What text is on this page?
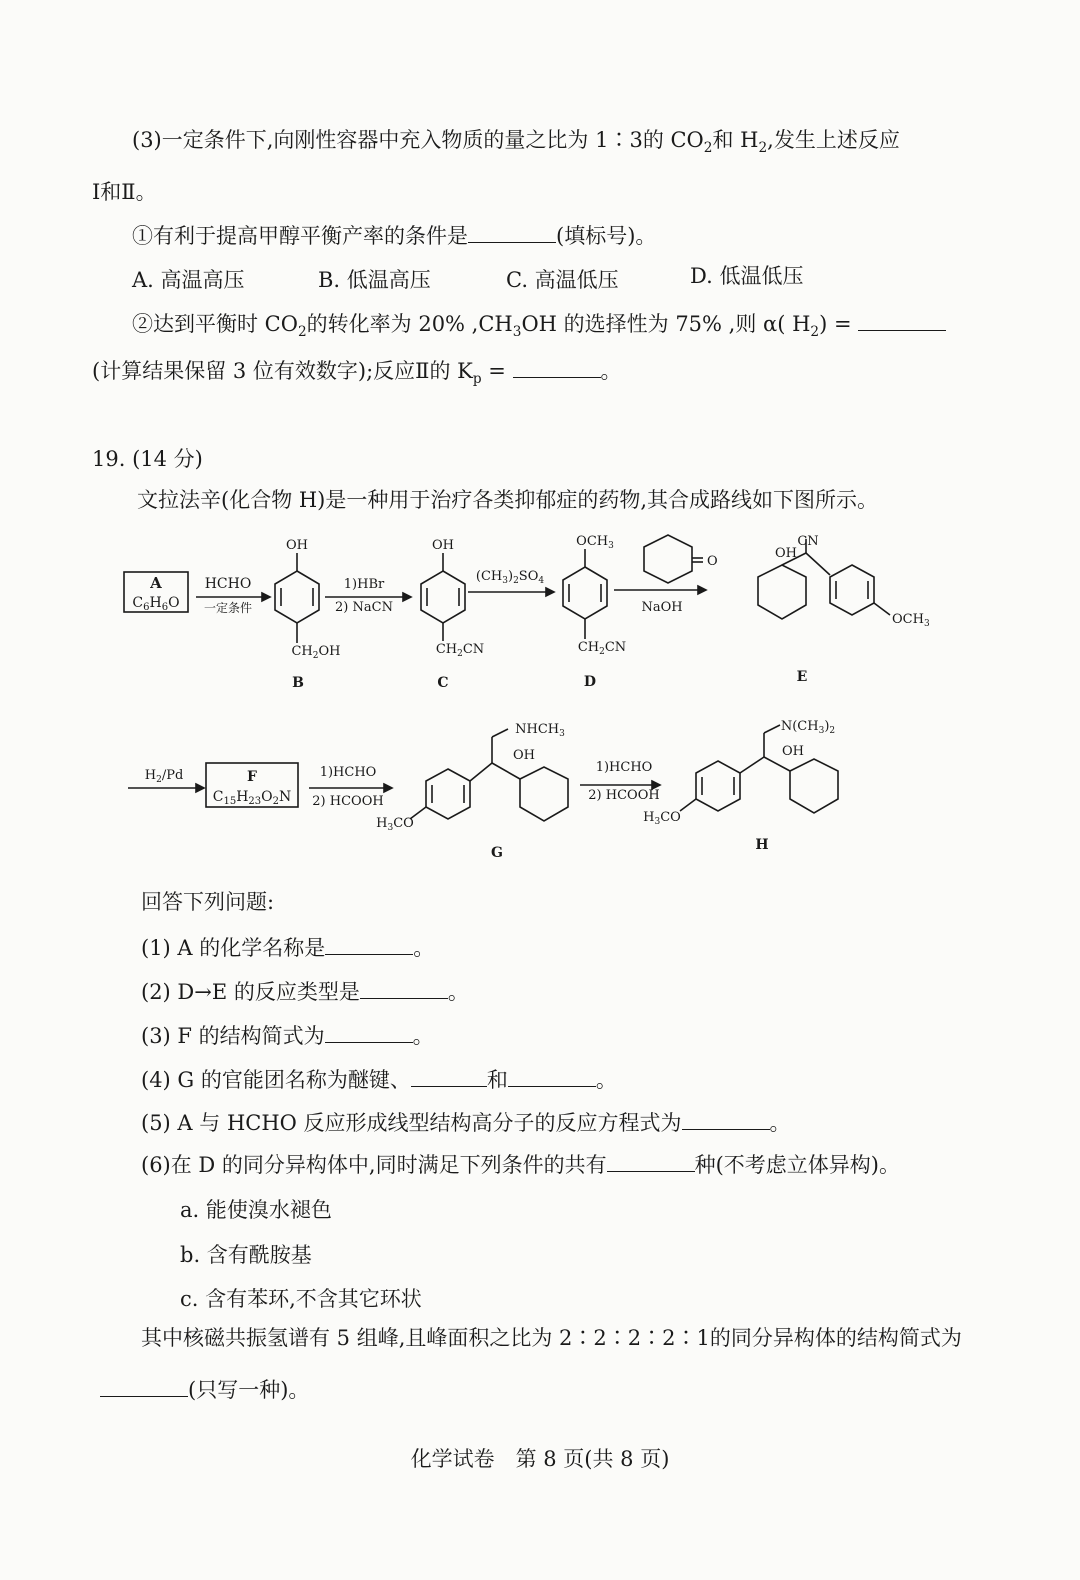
(3)一定条件下,向刚性容器中充入物质的量之比为 1∶3的 $CO_2$和 $H_2$,发生上述反应
Ⅰ和Ⅱ。
①有利于提高甲醇平衡产率的条件是	(填标号)。
A. 高温高压	B. 低温高压	C. 高温低压	D. 低温低压
②达到平衡时 $CO_2$的转化率为 20% $,CH_3OH$ 的选择性为 75% ,则 α( $H_2$) =
(计算结果保留 3 位有效数字);反应Ⅱ的 $K_p$ =	。
19. (14 分)
文拉法辛(化合物 H)是一种用于治疗各类抑郁症的药物,其合成路线如下图所示。
A
$C_6H_6O$
HCHO
一定条件
OH
$CH_2OH$
1)HBr
2) NaCN
OH
$CH_2CN$
$(CH_3)_2SO_4$
$OCH_3$
$CH_2CN$
O
NaOH
OH
CN
$OCH_3$
B	C	D	E
$H_2/Pd$	F
$C_{15}H_{23}O_2N$
1)HCHO
2) HCOOH
$NHCH_3$
OH
$H_3CO$
G
1)HCHO
2) HCOOH
$N(CH_3)_2$
OH
$H_3CO$
H
回答下列问题:
(1) A 的化学名称是	。
(2) D→E 的反应类型是	。
(3) F 的结构简式为	。
(4) G 的官能团名称为醚键、	和	。
(5) A 与 HCHO 反应形成线型结构高分子的反应方程式为	。
(6)在 D 的同分异构体中,同时满足下列条件的共有	种(不考虑立体异构)。
a. 能使溴水褪色
b. 含有酰胺基
c. 含有苯环,不含其它环状
其中核磁共振氢谱有 5 组峰,且峰面积之比为 2∶2∶2∶2∶1的同分异构体的结构简式为
(只写一种)。
化学试卷　第 8 页(共 8 页)
